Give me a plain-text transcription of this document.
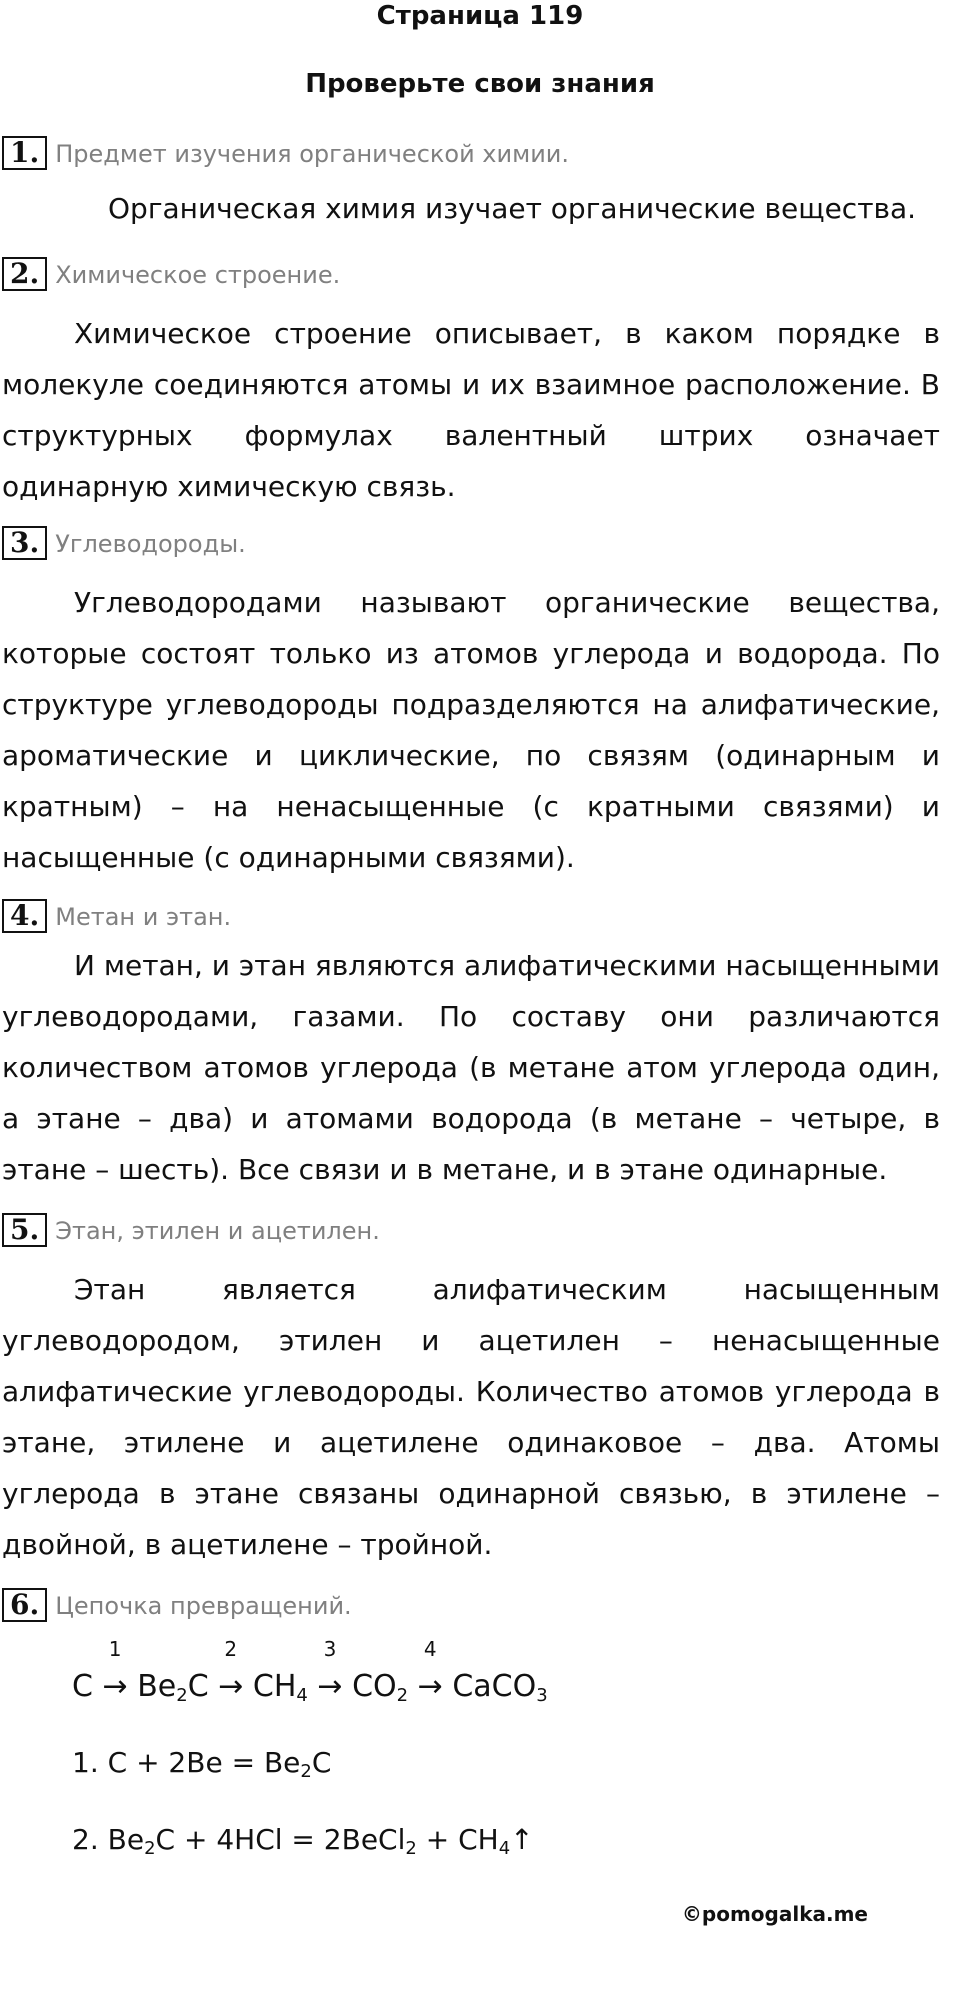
Страница 119
Проверьте свои знания
1. Предмет изучения органической химии.
Органическая химия изучает органические вещества.
2. Химическое строение.
Химическое строение описывает, в каком порядке в молекуле соединяются атомы и их взаимное расположение. В структурных формулах валентный штрих означает одинарную химическую связь.
3. Углеводороды.
Углеводородами называют органические вещества, которые состоят только из атомов углерода и водорода. По структуре углеводороды подразделяются на алифатические, ароматические и циклические, по связям (одинарным и кратным) – на ненасыщенные (с кратными связями) и насыщенные (с одинарными связями).
4. Метан и этан.
И метан, и этан являются алифатическими насыщенными углеводородами, газами. По составу они различаются количеством атомов углерода (в метане атом углерода один, а этане – два) и атомами водорода (в метане – четыре, в этане – шесть). Все связи и в метане, и в этане одинарные.
5. Этан, этилен и ацетилен.
Этан является алифатическим насыщенным углеводородом, этилен и ацетилен – ненасыщенные алифатические углеводороды. Количество атомов углерода в этане, этилене и ацетилене одинаковое – два. Атомы углерода в этане связаны одинарной связью, в этилене – двойной, в ацетилене – тройной.
6. Цепочка превращений.
C →
1
$Be_2C$ →
2
$CH_4$ →
3
$CO_2$ →
4
CaCO$_3$
1. $C + 2Be = Be_2C$
2. $Be_2C + 4HCl$ = 2BeCl$_2$ + $CH_4↑$
©pomogalka.me
